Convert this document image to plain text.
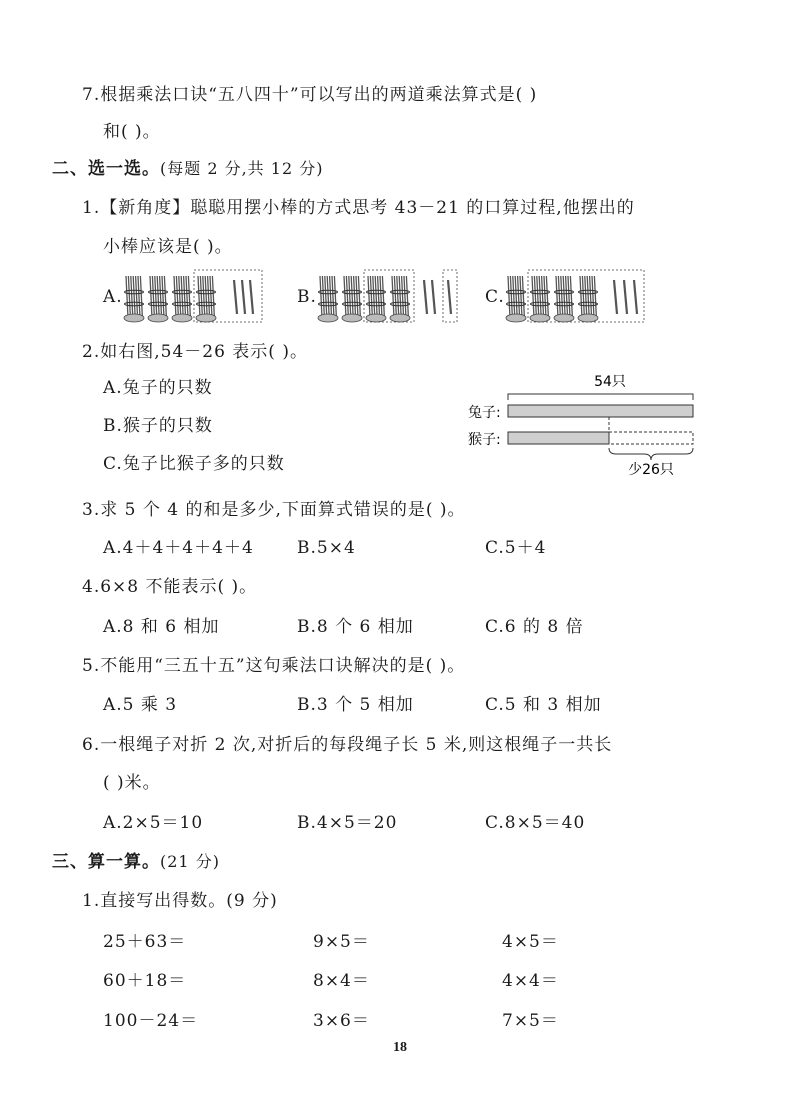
7.根据乘法口诀“五八四十”可以写出的两道乘法算式是( )
和( )。
二、选一选。(每题 2 分,共 12 分)
1.【新角度】聪聪用摆小棒的方式思考 43－21 的口算过程,他摆出的
小棒应该是( )。
A.	B.	C.
2.如右图,54－26 表示( )。
A.兔子的只数
B.猴子的只数
C.兔子比猴子多的只数
54只
兔子:
猴子:
少26只
3.求 5 个 4 的和是多少,下面算式错误的是( )。
A.4＋4＋4＋4＋4	B.5×4	C.5＋4
4.6×8 不能表示( )。
A.8 和 6 相加	B.8 个 6 相加	C.6 的 8 倍
5.不能用“三五十五”这句乘法口诀解决的是( )。
A.5 乘 3	B.3 个 5 相加	C.5 和 3 相加
6.一根绳子对折 2 次,对折后的每段绳子长 5 米,则这根绳子一共长
( )米。
A.2×5＝10	B.4×5＝20	C.8×5＝40
三、算一算。(21 分)
1.直接写出得数。(9 分)
25＋63＝	9×5＝	4×5＝
60＋18＝	8×4＝	4×4＝
100－24＝	3×6＝	7×5＝
18
